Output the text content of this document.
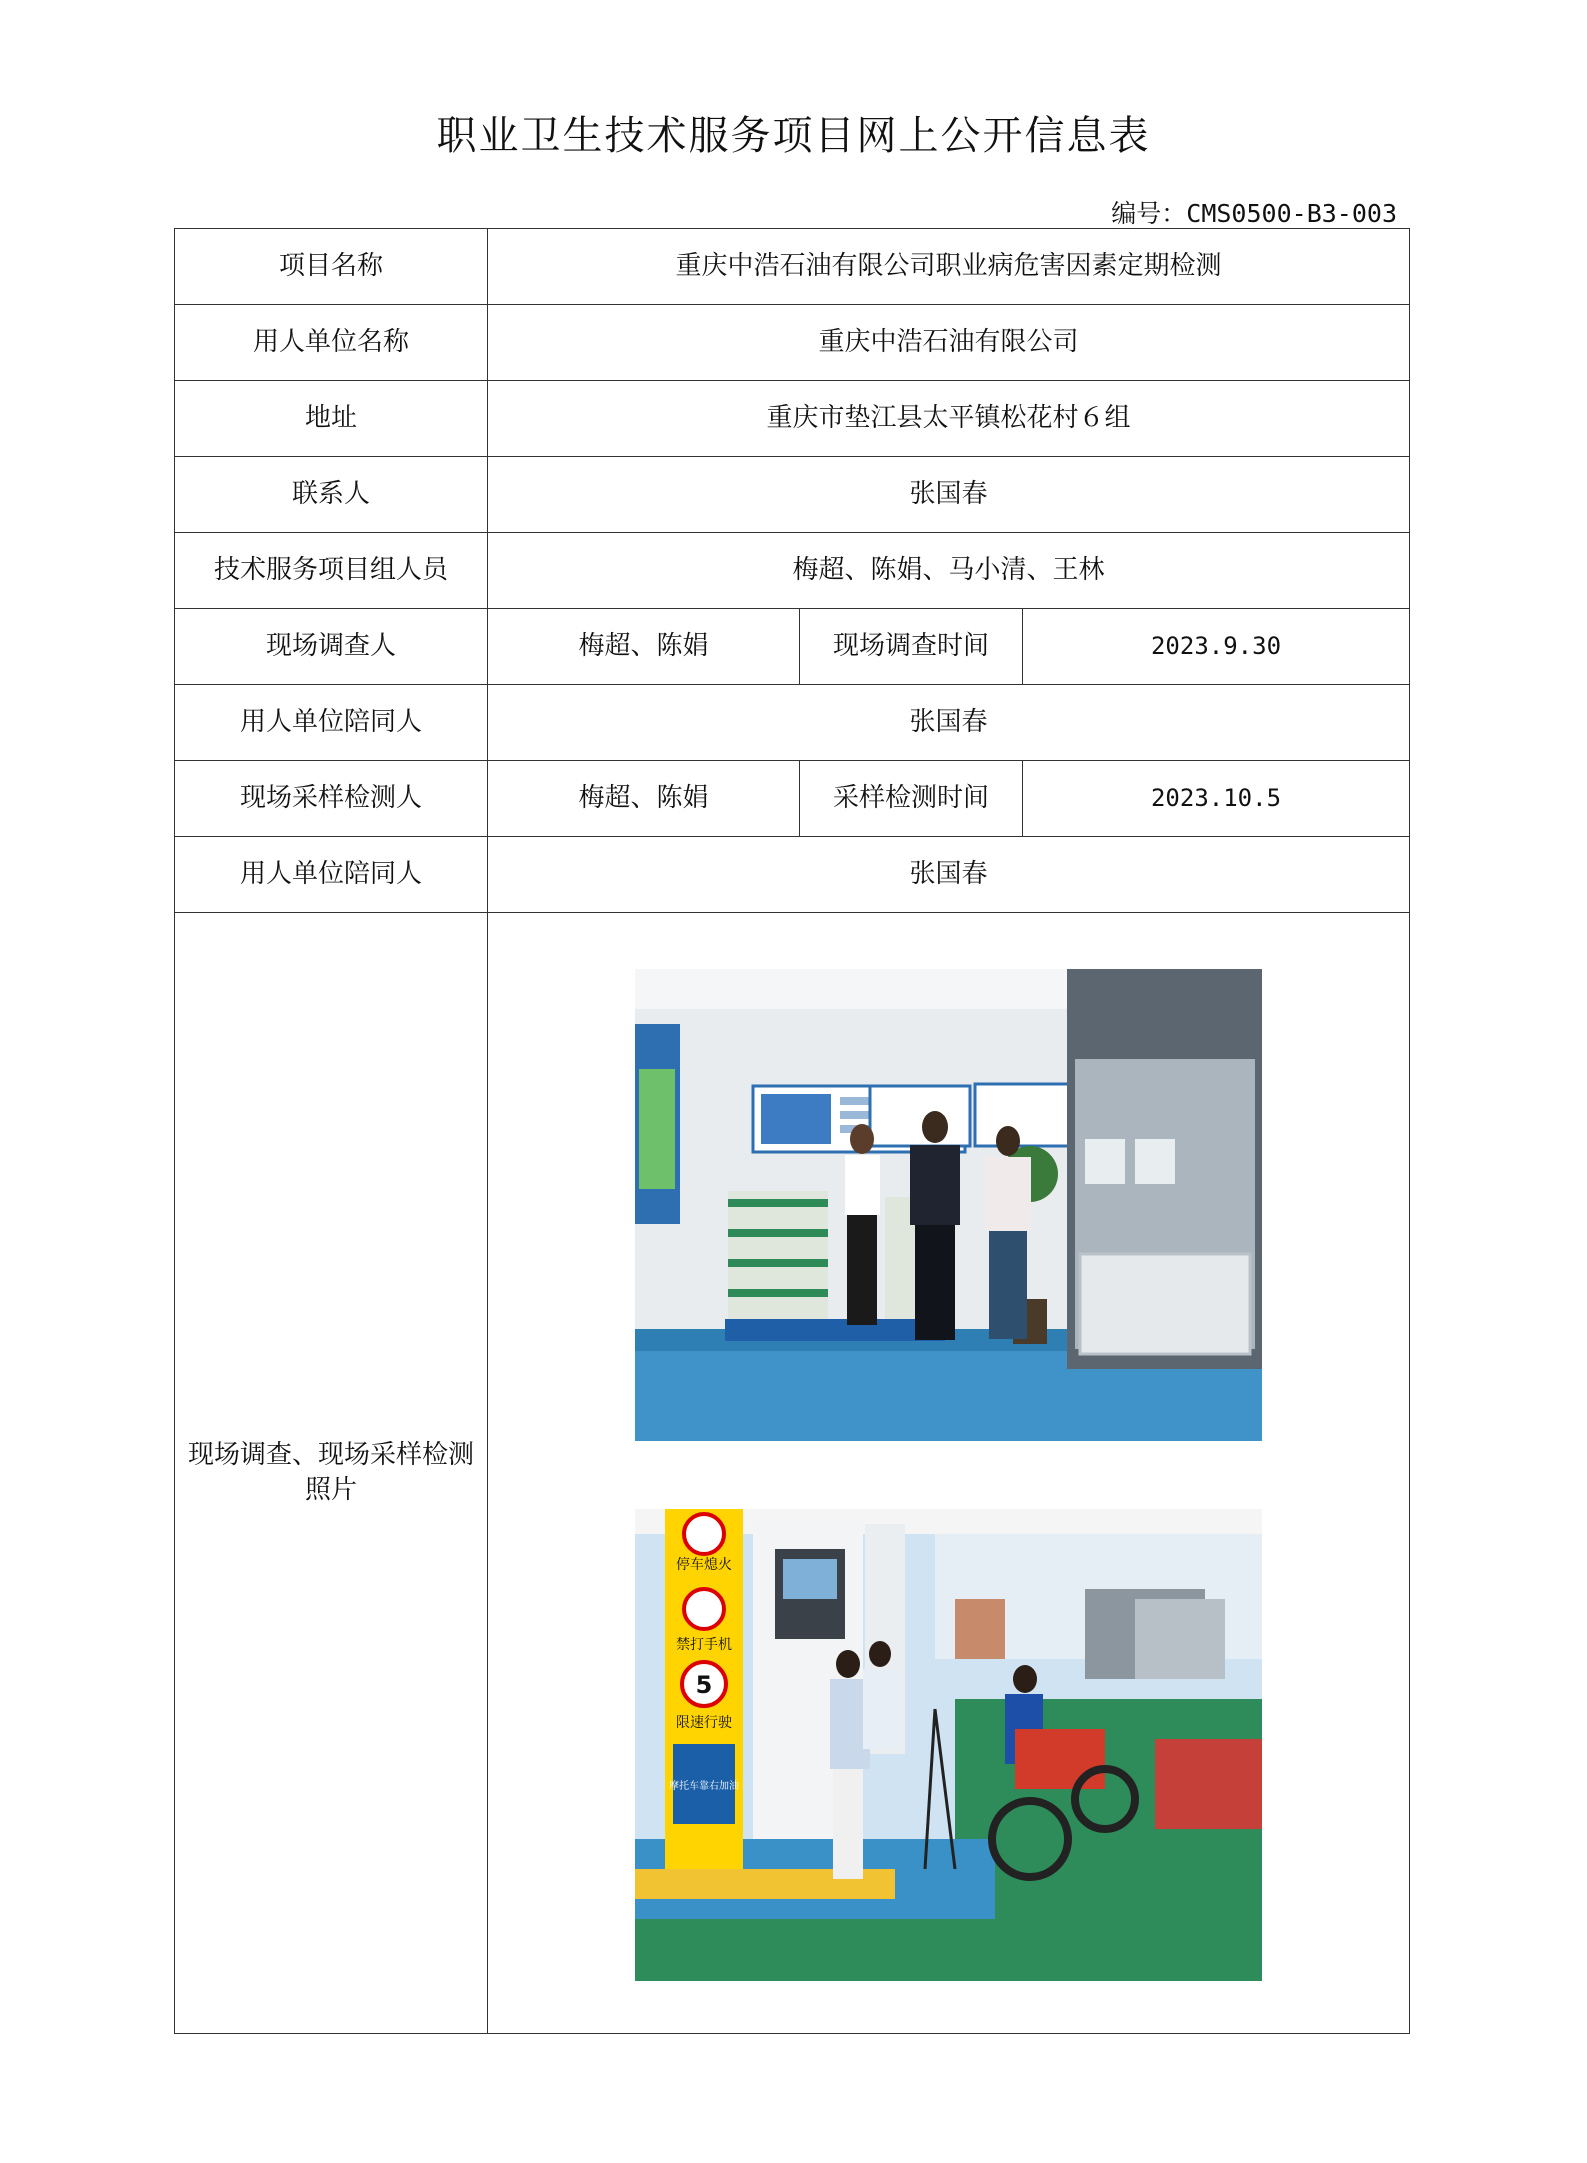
职业卫生技术服务项目网上公开信息表
编号：CMS0500-B3-003
项目名称	重庆中浩石油有限公司职业病危害因素定期检测		
用人单位名称	重庆中浩石油有限公司		
地址	重庆市垫江县太平镇松花村６组		
联系人	张国春		
技术服务项目组人员	梅超、陈娟、马小清、王林		
现场调查人	梅超、陈娟	现场调查时间	2023.9.30
用人单位陪同人	张国春		
现场采样检测人	梅超、陈娟	采样检测时间	2023.10.5
用人单位陪同人	张国春		
现场调查、现场采样检测照片	5
停车熄火
禁打手机
限速行驶
摩托车靠右加油		
